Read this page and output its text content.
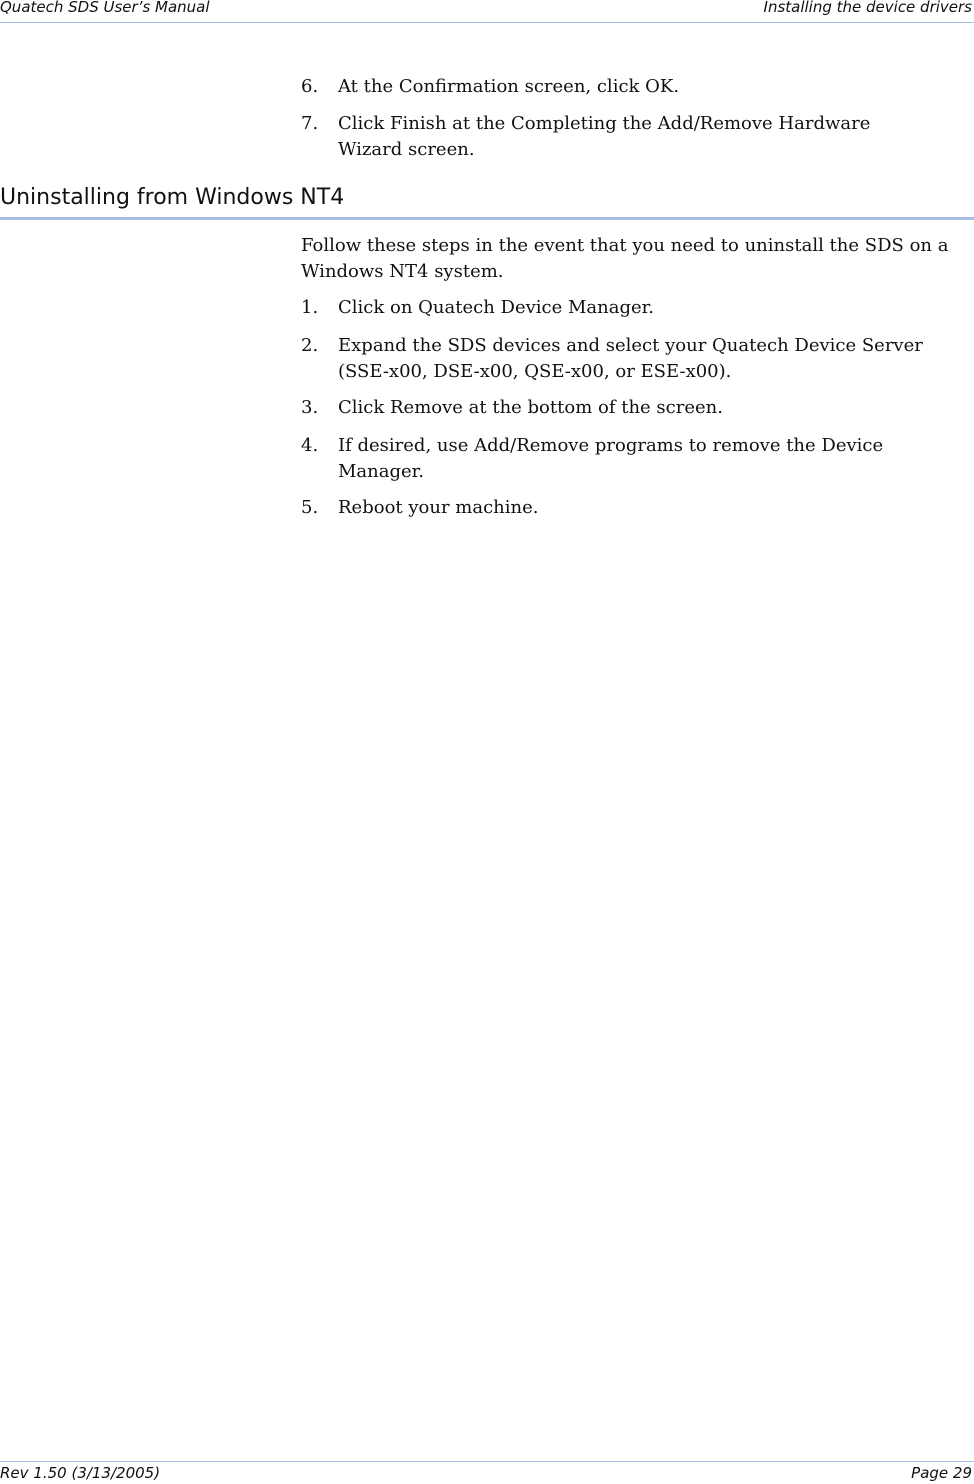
Quatech SDS User’s Manual	Installing the device drivers
6. At the Confirmation screen, click OK.
7. Click Finish at the Completing the Add/Remove Hardware Wizard screen.
Uninstalling from Windows NT4
Follow these steps in the event that you need to uninstall the SDS on a Windows NT4 system.
1. Click on Quatech Device Manager.
2. Expand the SDS devices and select your Quatech Device Server (SSE-x00, DSE-x00, QSE-x00, or ESE-x00).
3. Click Remove at the bottom of the screen.
4. If desired, use Add/Remove programs to remove the Device Manager.
5. Reboot your machine.
Rev 1.50 (3/13/2005)	Page 29
